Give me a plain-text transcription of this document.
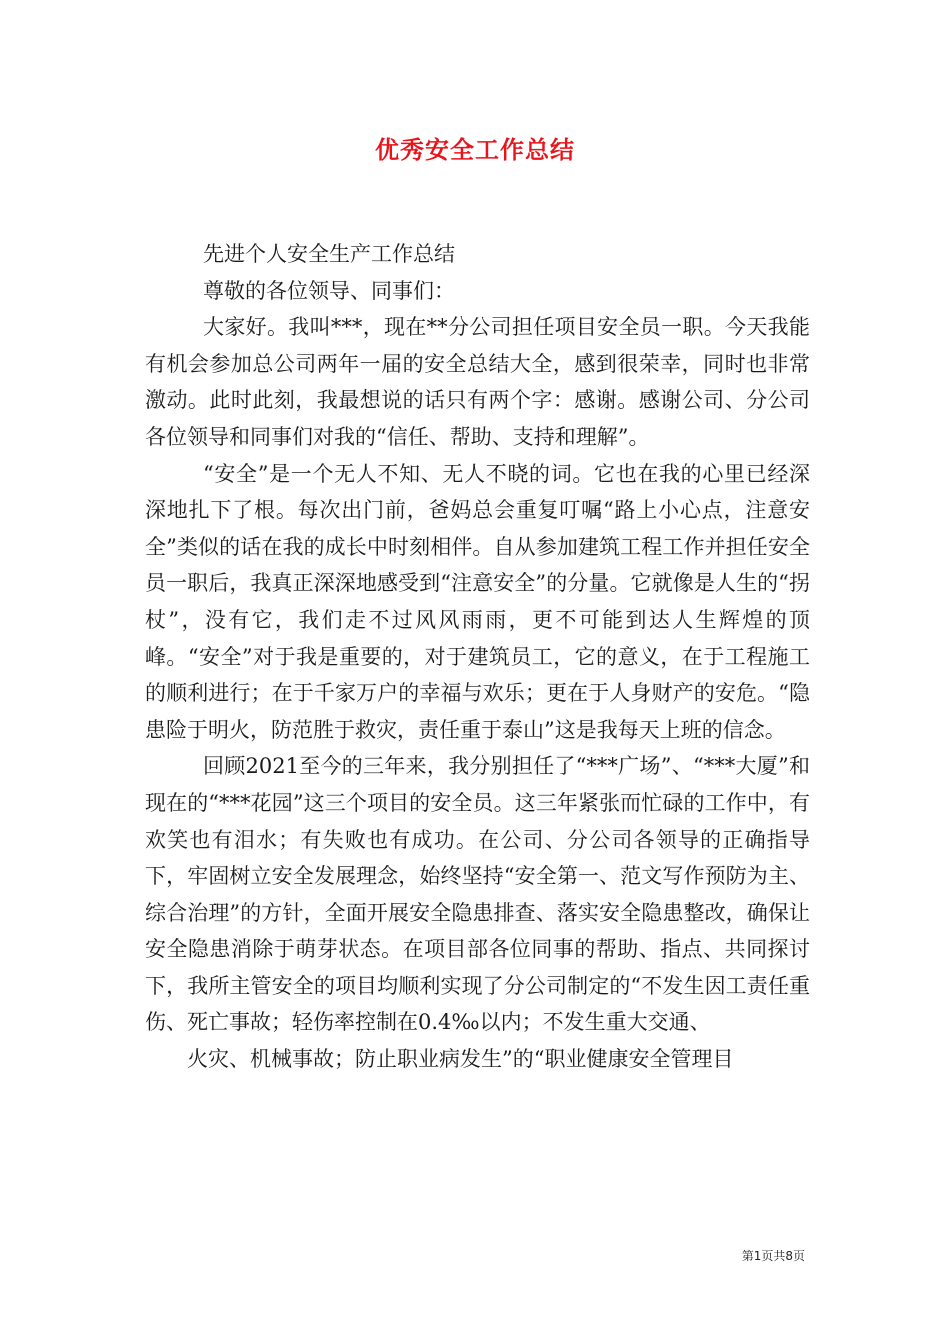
优秀安全工作总结

先进个人安全生产工作总结

尊敬的各位领导、同事们：

大家好。我叫***，现在**分公司担任项目安全员一职。今天我能有机会参加总公司两年一届的安全总结大全，感到很荣幸，同时也非常激动。此时此刻，我最想说的话只有两个字：感谢。感谢公司、分公司各位领导和同事们对我的“信任、帮助、支持和理解”。

“安全”是一个无人不知、无人不晓的词。它也在我的心里已经深深地扎下了根。每次出门前，爸妈总会重复叮嘱“路上小心点，注意安全”类似的话在我的成长中时刻相伴。自从参加建筑工程工作并担任安全员一职后，我真正深深地感受到“注意安全”的分量。它就像是人生的“拐杖”，没有它，我们走不过风风雨雨，更不可能到达人生辉煌的顶峰。“安全”对于我是重要的，对于建筑员工，它的意义，在于工程施工的顺利进行；在于千家万户的幸福与欢乐；更在于人身财产的安危。“隐患险于明火，防范胜于救灾，责任重于泰山”这是我每天上班的信念。

回顾2021至今的三年来，我分别担任了“***广场”、“***大厦”和现在的“***花园”这三个项目的安全员。这三年紧张而忙碌的工作中，有欢笑也有泪水；有失败也有成功。在公司、分公司各领导的正确指导下，牢固树立安全发展理念，始终坚持“安全第一、范文写作预防为主、综合治理”的方针，全面开展安全隐患排查、落实安全隐患整改，确保让安全隐患消除于萌芽状态。在项目部各位同事的帮助、指点、共同探讨下，我所主管安全的项目均顺利实现了分公司制定的“不发生因工责任重伤、死亡事故；轻伤率控制在0.4‰以内；不发生重大交通、

火灾、机械事故；防止职业病发生”的“职业健康安全管理目

第1页共8页
